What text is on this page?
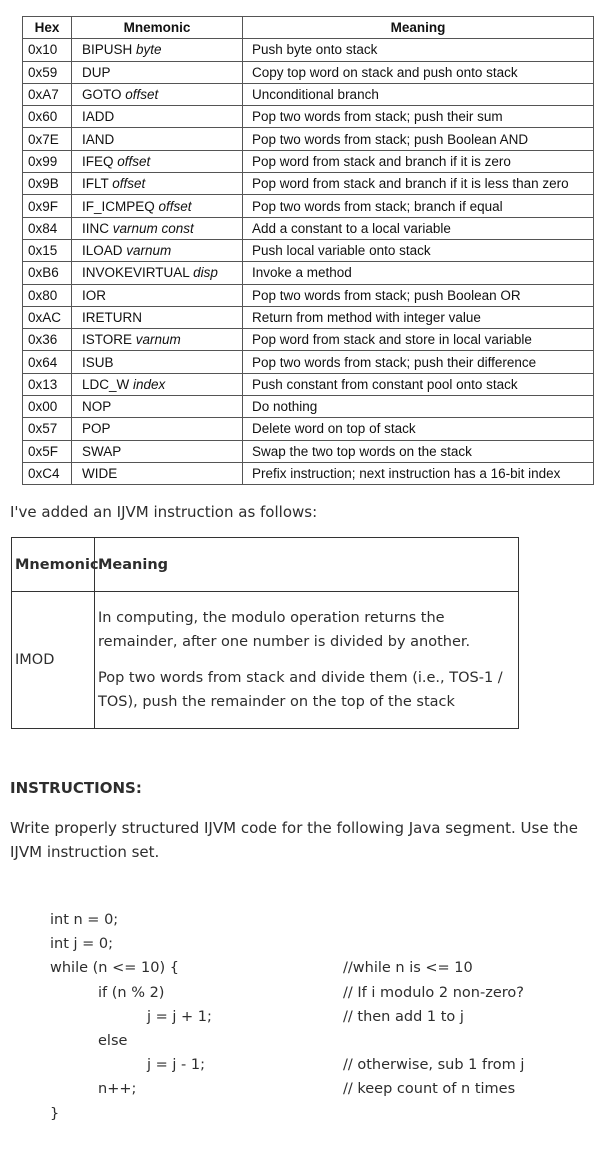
Hex	Mnemonic	Meaning
0x10	BIPUSH byte	Push byte onto stack
0x59	DUP	Copy top word on stack and push onto stack
0xA7	GOTO offset	Unconditional branch
0x60	IADD	Pop two words from stack; push their sum
0x7E	IAND	Pop two words from stack; push Boolean AND
0x99	IFEQ offset	Pop word from stack and branch if it is zero
0x9B	IFLT offset	Pop word from stack and branch if it is less than zero
0x9F	IF_ICMPEQ offset	Pop two words from stack; branch if equal
0x84	IINC varnum const	Add a constant to a local variable
0x15	ILOAD varnum	Push local variable onto stack
0xB6	INVOKEVIRTUAL disp	Invoke a method
0x80	IOR	Pop two words from stack; push Boolean OR
0xAC	IRETURN	Return from method with integer value
0x36	ISTORE varnum	Pop word from stack and store in local variable
0x64	ISUB	Pop two words from stack; push their difference
0x13	LDC_W index	Push constant from constant pool onto stack
0x00	NOP	Do nothing
0x57	POP	Delete word on top of stack
0x5F	SWAP	Swap the two top words on the stack
0xC4	WIDE	Prefix instruction; next instruction has a 16-bit index
I've added an IJVM instruction as follows:
Mnemonic	Meaning
IMOD	In computing, the modulo operation returns the remainder, after one number is divided by another.

Pop two words from stack and divide them (i.e., TOS-1 / TOS), push the remainder on the top of the stack

INSTRUCTIONS:
Write properly structured IJVM code for the following Java segment. Use the IJVM instruction set.
int n = 0;
int j = 0;
while (n <= 10) {	//while n is <= 10
if (n % 2)	// If i modulo 2 non-zero?
j = j + 1;	// then add 1 to j
else
j = j - 1;	// otherwise, sub 1 from j
n++;	// keep count of n times
}
